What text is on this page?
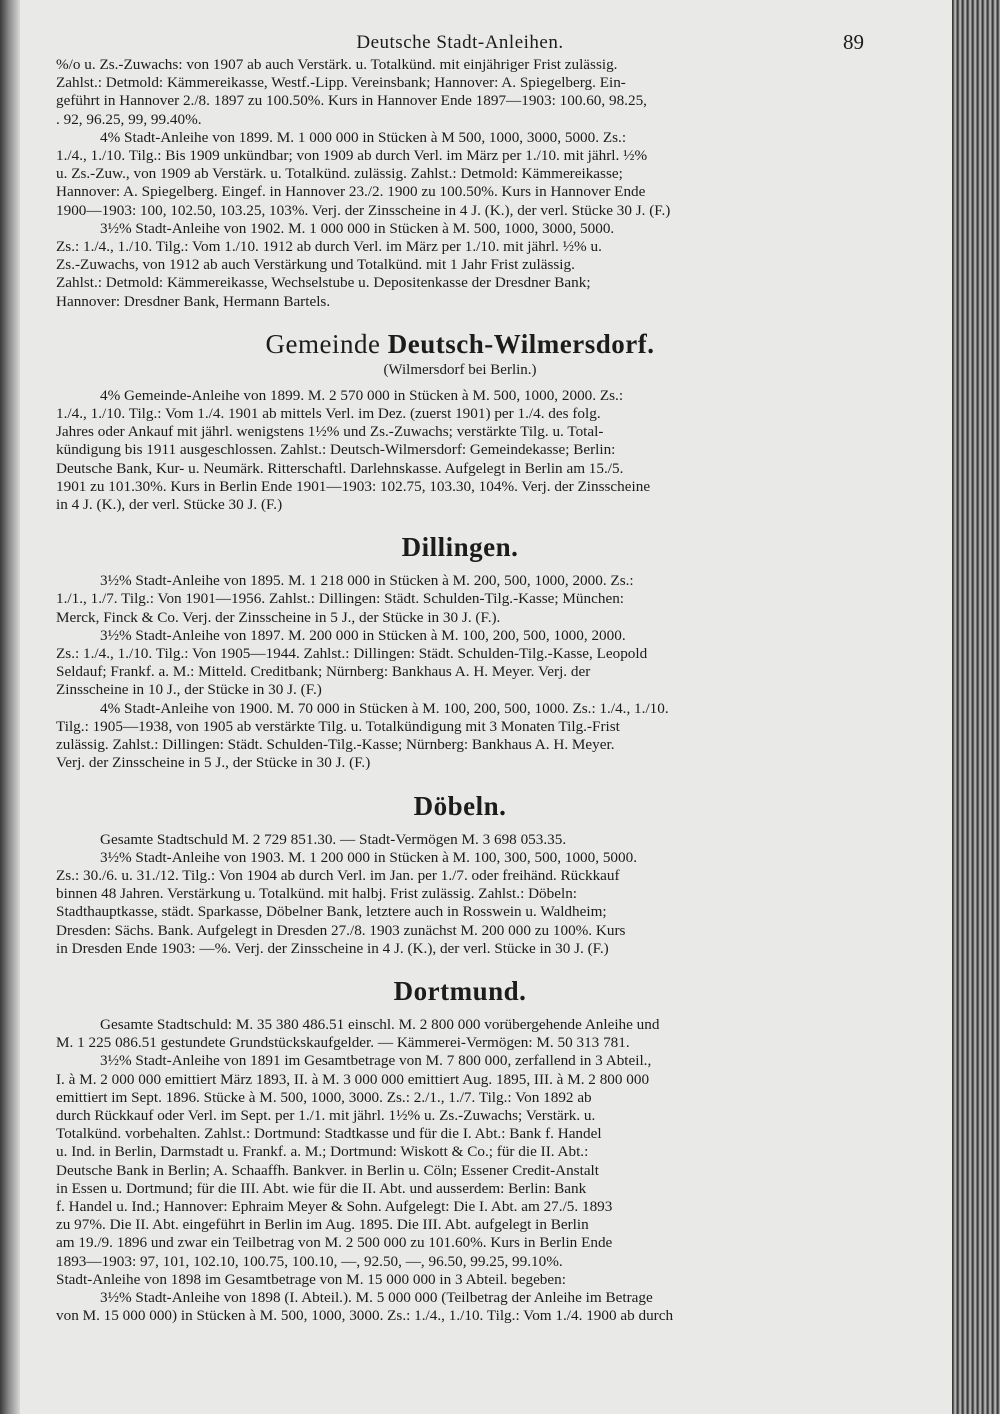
Deutsche Stadt-Anleihen.	89

%/o u. Zs.-Zuwachs: von 1907 ab auch Verstärk. u. Totalkünd. mit einjähriger Frist zulässig.

Zahlst.: Detmold: Kämmereikasse, Westf.-Lipp. Vereinsbank; Hannover: A. Spiegelberg. Ein-

geführt in Hannover 2./8. 1897 zu 100.50%. Kurs in Hannover Ende 1897—1903: 100.60, 98.25,

. 92, 96.25, 99, 99.40%.

4% Stadt-Anleihe von 1899. M. 1 000 000 in Stücken à M 500, 1000, 3000, 5000. Zs.:

1./4., 1./10. Tilg.: Bis 1909 unkündbar; von 1909 ab durch Verl. im März per 1./10. mit jährl. ½%

u. Zs.-Zuw., von 1909 ab Verstärk. u. Totalkünd. zulässig. Zahlst.: Detmold: Kämmereikasse;

Hannover: A. Spiegelberg. Eingef. in Hannover 23./2. 1900 zu 100.50%. Kurs in Hannover Ende

1900—1903: 100, 102.50, 103.25, 103%. Verj. der Zinsscheine in 4 J. (K.), der verl. Stücke 30 J. (F.)

3½% Stadt-Anleihe von 1902. M. 1 000 000 in Stücken à M. 500, 1000, 3000, 5000.

Zs.: 1./4., 1./10. Tilg.: Vom 1./10. 1912 ab durch Verl. im März per 1./10. mit jährl. ½% u.

Zs.-Zuwachs, von 1912 ab auch Verstärkung und Totalkünd. mit 1 Jahr Frist zulässig.

Zahlst.: Detmold: Kämmereikasse, Wechselstube u. Depositenkasse der Dresdner Bank;

Hannover: Dresdner Bank, Hermann Bartels.

Gemeinde Deutsch-Wilmersdorf.

(Wilmersdorf bei Berlin.)

4% Gemeinde-Anleihe von 1899. M. 2 570 000 in Stücken à M. 500, 1000, 2000. Zs.:

1./4., 1./10. Tilg.: Vom 1./4. 1901 ab mittels Verl. im Dez. (zuerst 1901) per 1./4. des folg.

Jahres oder Ankauf mit jährl. wenigstens 1½% und Zs.-Zuwachs; verstärkte Tilg. u. Total-

kündigung bis 1911 ausgeschlossen. Zahlst.: Deutsch-Wilmersdorf: Gemeindekasse; Berlin:

Deutsche Bank, Kur- u. Neumärk. Ritterschaftl. Darlehnskasse. Aufgelegt in Berlin am 15./5.

1901 zu 101.30%. Kurs in Berlin Ende 1901—1903: 102.75, 103.30, 104%. Verj. der Zinsscheine

in 4 J. (K.), der verl. Stücke 30 J. (F.)

Dillingen.

3½% Stadt-Anleihe von 1895. M. 1 218 000 in Stücken à M. 200, 500, 1000, 2000. Zs.:

1./1., 1./7. Tilg.: Von 1901—1956. Zahlst.: Dillingen: Städt. Schulden-Tilg.-Kasse; München:

Merck, Finck & Co. Verj. der Zinsscheine in 5 J., der Stücke in 30 J. (F.).

3½% Stadt-Anleihe von 1897. M. 200 000 in Stücken à M. 100, 200, 500, 1000, 2000.

Zs.: 1./4., 1./10. Tilg.: Von 1905—1944. Zahlst.: Dillingen: Städt. Schulden-Tilg.-Kasse, Leopold

Seldauf; Frankf. a. M.: Mitteld. Creditbank; Nürnberg: Bankhaus A. H. Meyer. Verj. der

Zinsscheine in 10 J., der Stücke in 30 J. (F.)

4% Stadt-Anleihe von 1900. M. 70 000 in Stücken à M. 100, 200, 500, 1000. Zs.: 1./4., 1./10.

Tilg.: 1905—1938, von 1905 ab verstärkte Tilg. u. Totalkündigung mit 3 Monaten Tilg.-Frist

zulässig. Zahlst.: Dillingen: Städt. Schulden-Tilg.-Kasse; Nürnberg: Bankhaus A. H. Meyer.

Verj. der Zinsscheine in 5 J., der Stücke in 30 J. (F.)

Döbeln.

Gesamte Stadtschuld M. 2 729 851.30. — Stadt-Vermögen M. 3 698 053.35.

3½% Stadt-Anleihe von 1903. M. 1 200 000 in Stücken à M. 100, 300, 500, 1000, 5000.

Zs.: 30./6. u. 31./12. Tilg.: Von 1904 ab durch Verl. im Jan. per 1./7. oder freihänd. Rückkauf

binnen 48 Jahren. Verstärkung u. Totalkünd. mit halbj. Frist zulässig. Zahlst.: Döbeln:

Stadthauptkasse, städt. Sparkasse, Döbelner Bank, letztere auch in Rosswein u. Waldheim;

Dresden: Sächs. Bank. Aufgelegt in Dresden 27./8. 1903 zunächst M. 200 000 zu 100%. Kurs

in Dresden Ende 1903: —%. Verj. der Zinsscheine in 4 J. (K.), der verl. Stücke in 30 J. (F.)

Dortmund.

Gesamte Stadtschuld: M. 35 380 486.51 einschl. M. 2 800 000 vorübergehende Anleihe und

M. 1 225 086.51 gestundete Grundstückskaufgelder. — Kämmerei-Vermögen: M. 50 313 781.

3½% Stadt-Anleihe von 1891 im Gesamtbetrage von M. 7 800 000, zerfallend in 3 Abteil.,

I. à M. 2 000 000 emittiert März 1893, II. à M. 3 000 000 emittiert Aug. 1895, III. à M. 2 800 000

emittiert im Sept. 1896. Stücke à M. 500, 1000, 3000. Zs.: 2./1., 1./7. Tilg.: Von 1892 ab

durch Rückkauf oder Verl. im Sept. per 1./1. mit jährl. 1½% u. Zs.-Zuwachs; Verstärk. u.

Totalkünd. vorbehalten. Zahlst.: Dortmund: Stadtkasse und für die I. Abt.: Bank f. Handel

u. Ind. in Berlin, Darmstadt u. Frankf. a. M.; Dortmund: Wiskott & Co.; für die II. Abt.:

Deutsche Bank in Berlin; A. Schaaffh. Bankver. in Berlin u. Cöln; Essener Credit-Anstalt

in Essen u. Dortmund; für die III. Abt. wie für die II. Abt. und ausserdem: Berlin: Bank

f. Handel u. Ind.; Hannover: Ephraim Meyer & Sohn. Aufgelegt: Die I. Abt. am 27./5. 1893

zu 97%. Die II. Abt. eingeführt in Berlin im Aug. 1895. Die III. Abt. aufgelegt in Berlin

am 19./9. 1896 und zwar ein Teilbetrag von M. 2 500 000 zu 101.60%. Kurs in Berlin Ende

1893—1903: 97, 101, 102.10, 100.75, 100.10, —, 92.50, —, 96.50, 99.25, 99.10%.

Stadt-Anleihe von 1898 im Gesamtbetrage von M. 15 000 000 in 3 Abteil. begeben:

3½% Stadt-Anleihe von 1898 (I. Abteil.). M. 5 000 000 (Teilbetrag der Anleihe im Betrage

von M. 15 000 000) in Stücken à M. 500, 1000, 3000. Zs.: 1./4., 1./10. Tilg.: Vom 1./4. 1900 ab durch
